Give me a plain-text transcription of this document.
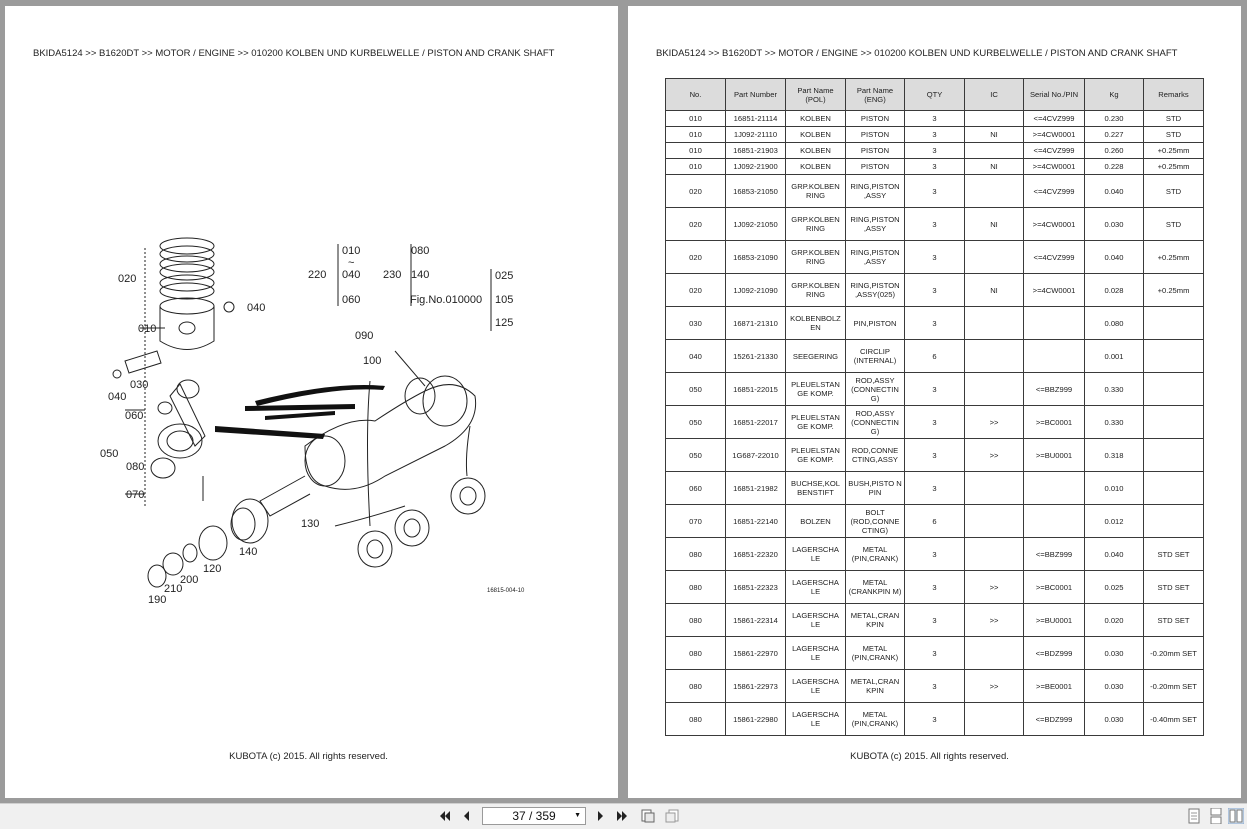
BKIDA5124 >> B1620DT >> MOTOR / ENGINE >> 010200 KOLBEN UND KURBELWELLE / PISTON AND CRANK SHAFT
010
~
040
060
220	230
080
140
Fig.No.010000
025
105
125
020
040
010
040
030
060
050
080
070
090
100
130
140
120
200
210
190
16815-004-10
KUBOTA (c) 2015. All rights reserved.
BKIDA5124 >> B1620DT >> MOTOR / ENGINE >> 010200 KOLBEN UND KURBELWELLE / PISTON AND CRANK SHAFT
No.	Part Number	Part Name (POL)	Part Name (ENG)	QTY	IC	Serial No./PIN	Kg	Remarks
010	16851-21114	KOLBEN	PISTON	3		<=4CVZ999	0.230	STD
010	1J092-21110	KOLBEN	PISTON	3	NI	>=4CW0001	0.227	STD
010	16851-21903	KOLBEN	PISTON	3		<=4CVZ999	0.260	+0.25mm
010	1J092-21900	KOLBEN	PISTON	3	NI	>=4CW0001	0.228	+0.25mm
020	16853-21050	GRP.KOLBEN RING	RING,PISTON ,ASSY	3		<=4CVZ999	0.040	STD
020	1J092-21050	GRP.KOLBEN RING	RING,PISTON ,ASSY	3	NI	>=4CW0001	0.030	STD
020	16853-21090	GRP.KOLBEN RING	RING,PISTON ,ASSY	3		<=4CVZ999	0.040	+0.25mm
020	1J092-21090	GRP.KOLBEN RING	RING,PISTON ,ASSY(025)	3	NI	>=4CW0001	0.028	+0.25mm
030	16871-21310	KOLBENBOLZ EN	PIN,PISTON	3			0.080	
040	15261-21330	SEEGERING	CIRCLIP (INTERNAL)	6			0.001	
050	16851-22015	PLEUELSTAN GE KOMP.	ROD,ASSY (CONNECTIN G)	3		<=BBZ999	0.330	
050	16851-22017	PLEUELSTAN GE KOMP.	ROD,ASSY (CONNECTIN G)	3	>>	>=BC0001	0.330	
050	1G687-22010	PLEUELSTAN GE KOMP.	ROD,CONNE CTING,ASSY	3	>>	>=BU0001	0.318	
060	16851-21982	BUCHSE,KOL BENSTIFT	BUSH,PISTO N PIN	3			0.010	
070	16851-22140	BOLZEN	BOLT (ROD,CONNE CTING)	6			0.012	
080	16851-22320	LAGERSCHA LE	METAL (PIN,CRANK)	3		<=BBZ999	0.040	STD SET
080	16851-22323	LAGERSCHA LE	METAL (CRANKPIN M)	3	>>	>=BC0001	0.025	STD SET
080	15861-22314	LAGERSCHA LE	METAL,CRAN KPIN	3	>>	>=BU0001	0.020	STD SET
080	15861-22970	LAGERSCHA LE	METAL (PIN,CRANK)	3		<=BDZ999	0.030	-0.20mm SET
080	15861-22973	LAGERSCHA LE	METAL,CRAN KPIN	3	>>	>=BE0001	0.030	-0.20mm SET
080	15861-22980	LAGERSCHA LE	METAL (PIN,CRANK)	3		<=BDZ999	0.030	-0.40mm SET
KUBOTA (c) 2015. All rights reserved.
37 / 359	▼
